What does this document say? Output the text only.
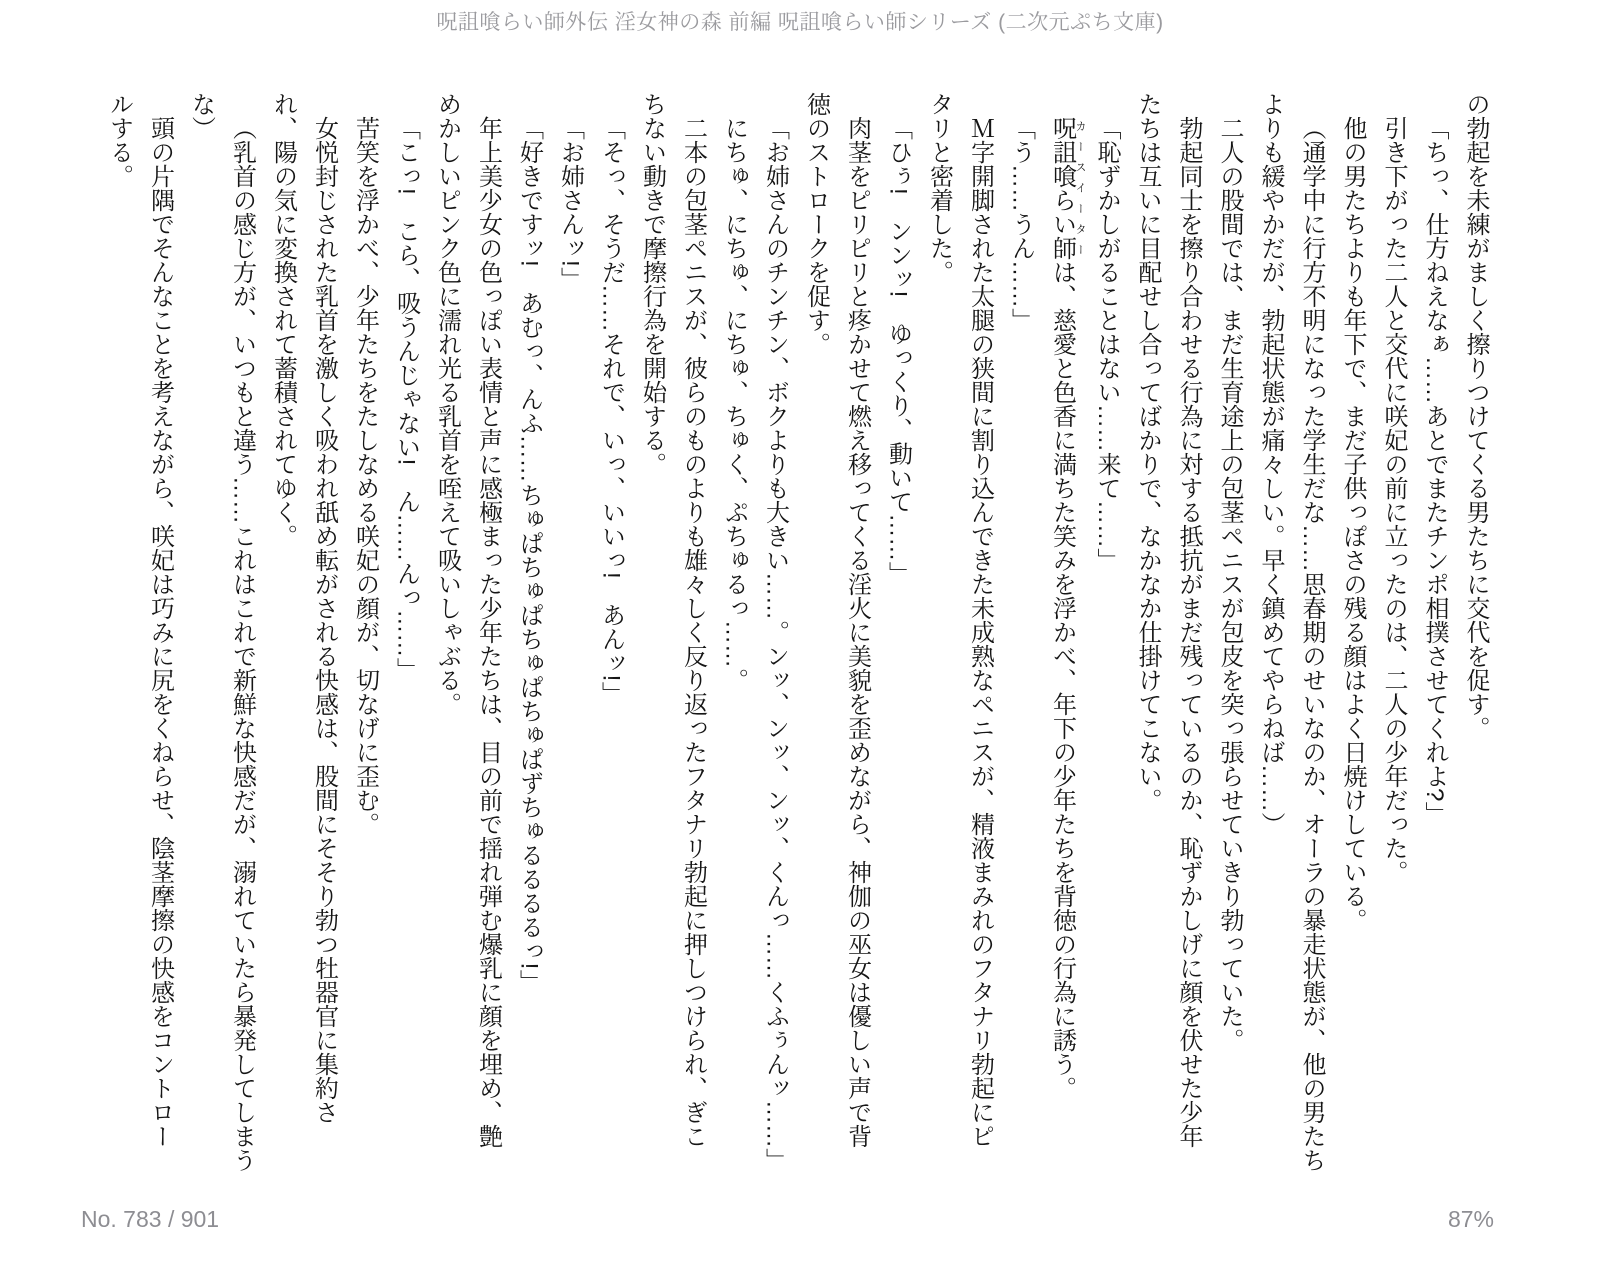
呪詛喰らい師外伝 淫女神の森 前編 呪詛喰らい師シリーズ (二次元ぷち文庫)

の勃起を未練がましく擦りつけてくる男たちに交代を促す。

「ちっ、仕方ねえなぁ……あとでまたチンポ相撲させてくれよ?」

引き下がった二人と交代に咲妃の前に立ったのは、二人の少年だった。

他の男たちよりも年下で、まだ子供っぽさの残る顔はよく日焼けしている。

（通学中に行方不明になった学生だな……思春期のせいなのか、オーラの暴走状態が、他の男たち

よりも緩やかだが、勃起状態が痛々しい。早く鎮めてやらねば……）

二人の股間では、まだ生育途上の包茎ペニスが包皮を突っ張らせていきり勃っていた。

勃起同士を擦り合わせる行為に対する抵抗がまだ残っているのか、恥ずかしげに顔を伏せた少年

たちは互いに目配せし合ってばかりで、なかなか仕掛けてこない。

「恥ずかしがることはない……来て……」

呪詛喰らい師カースイーターは、慈愛と色香に満ちた笑みを浮かべ、年下の少年たちを背徳の行為に誘う。

「う……うん……」

Ｍ字開脚された太腿の狭間に割り込んできた未成熟なペニスが、精液まみれのフタナリ勃起にピ

タリと密着した。

「ひぅ!　ンンッ!　ゆっくり、動いて……」

肉茎をピリピリと疼かせて燃え移ってくる淫火に美貌を歪めながら、神伽の巫女は優しい声で背

徳のストロークを促す。

「お姉さんのチンチン、ボクよりも大きい……。ンッ、ンッ、ンッ、くんっ……くふぅんッ……」

にちゅ、にちゅ、にちゅ、ちゅく、ぷちゅるっ……。

二本の包茎ペニスが、彼らのものよりも雄々しく反り返ったフタナリ勃起に押しつけられ、ぎこ

ちない動きで摩擦行為を開始する。

「そっ、そうだ……それで、いっ、いいっ!　あんッ!」

「お姉さんッ!」

「好きですッ!　あむっ、んふ……ちゅぱちゅぱちゅぱちゅぱずちゅるるるるっ!」

年上美少女の色っぽい表情と声に感極まった少年たちは、目の前で揺れ弾む爆乳に顔を埋め、艶

めかしいピンク色に濡れ光る乳首を咥えて吸いしゃぶる。

「こっ!　こら、吸うんじゃない!　ん……んっ……」

苦笑を浮かべ、少年たちをたしなめる咲妃の顔が、切なげに歪む。

女悦封じされた乳首を激しく吸われ舐め転がされる快感は、股間にそそり勃つ牡器官に集約さ

れ、陽の気に変換されて蓄積されてゆく。

（乳首の感じ方が、いつもと違う……これはこれで新鮮な快感だが、溺れていたら暴発してしまう

な）

頭の片隅でそんなことを考えながら、咲妃は巧みに尻をくねらせ、陰茎摩擦の快感をコントロー

ルする。

No. 783 / 901	87%
